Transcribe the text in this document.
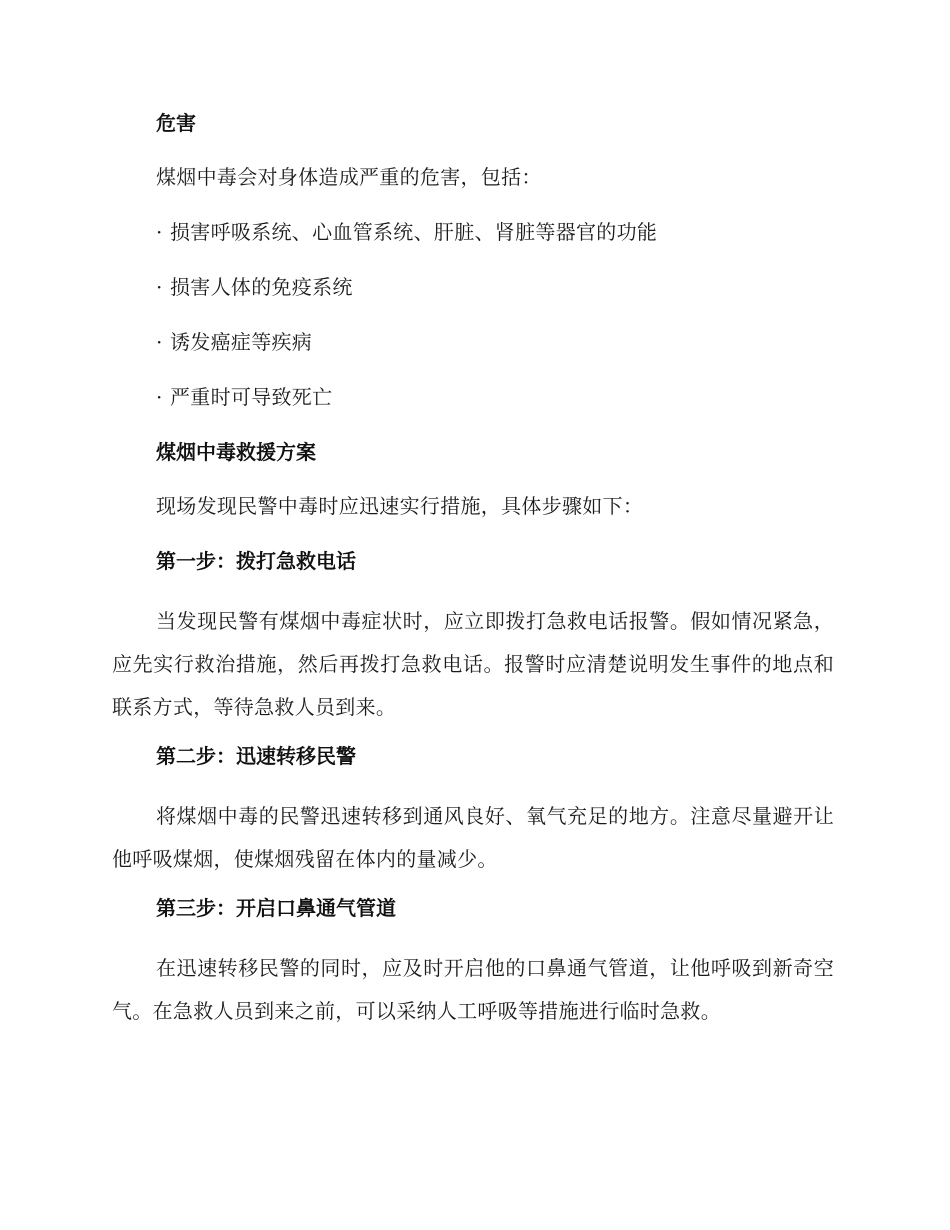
危害
煤烟中毒会对身体造成严重的危害，包括：
· 损害呼吸系统、心血管系统、肝脏、肾脏等器官的功能
· 损害人体的免疫系统
· 诱发癌症等疾病
· 严重时可导致死亡
煤烟中毒救援方案
现场发现民警中毒时应迅速实行措施，具体步骤如下：
第一步：拨打急救电话
当发现民警有煤烟中毒症状时，应立即拨打急救电话报警。假如情况紧急，应先实行救治措施，然后再拨打急救电话。报警时应清楚说明发生事件的地点和联系方式，等待急救人员到来。
第二步：迅速转移民警
将煤烟中毒的民警迅速转移到通风良好、氧气充足的地方。注意尽量避开让他呼吸煤烟，使煤烟残留在体内的量减少。
第三步：开启口鼻通气管道
在迅速转移民警的同时，应及时开启他的口鼻通气管道，让他呼吸到新奇空气。在急救人员到来之前，可以采纳人工呼吸等措施进行临时急救。
